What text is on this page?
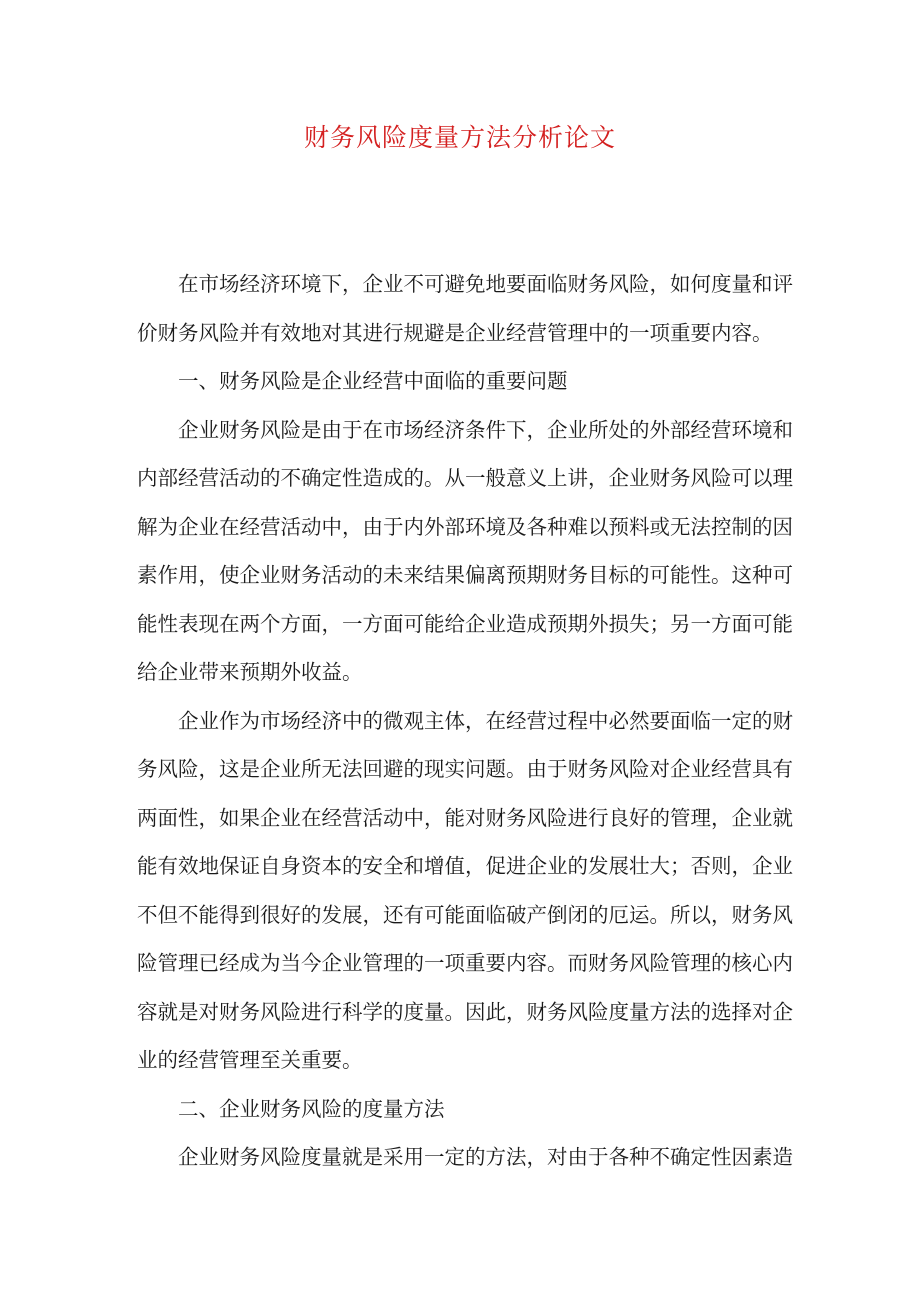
财务风险度量方法分析论文

在市场经济环境下，企业不可避免地要面临财务风险，如何度量和评价财务风险并有效地对其进行规避是企业经营管理中的一项重要内容。

一、财务风险是企业经营中面临的重要问题

企业财务风险是由于在市场经济条件下，企业所处的外部经营环境和内部经营活动的不确定性造成的。从一般意义上讲，企业财务风险可以理解为企业在经营活动中，由于内外部环境及各种难以预料或无法控制的因素作用，使企业财务活动的未来结果偏离预期财务目标的可能性。这种可能性表现在两个方面，一方面可能给企业造成预期外损失；另一方面可能给企业带来预期外收益。

企业作为市场经济中的微观主体，在经营过程中必然要面临一定的财务风险，这是企业所无法回避的现实问题。由于财务风险对企业经营具有两面性，如果企业在经营活动中，能对财务风险进行良好的管理，企业就能有效地保证自身资本的安全和增值，促进企业的发展壮大；否则，企业不但不能得到很好的发展，还有可能面临破产倒闭的厄运。所以，财务风险管理已经成为当今企业管理的一项重要内容。而财务风险管理的核心内容就是对财务风险进行科学的度量。因此，财务风险度量方法的选择对企业的经营管理至关重要。

二、企业财务风险的度量方法

企业财务风险度量就是采用一定的方法，对由于各种不确定性因素造
